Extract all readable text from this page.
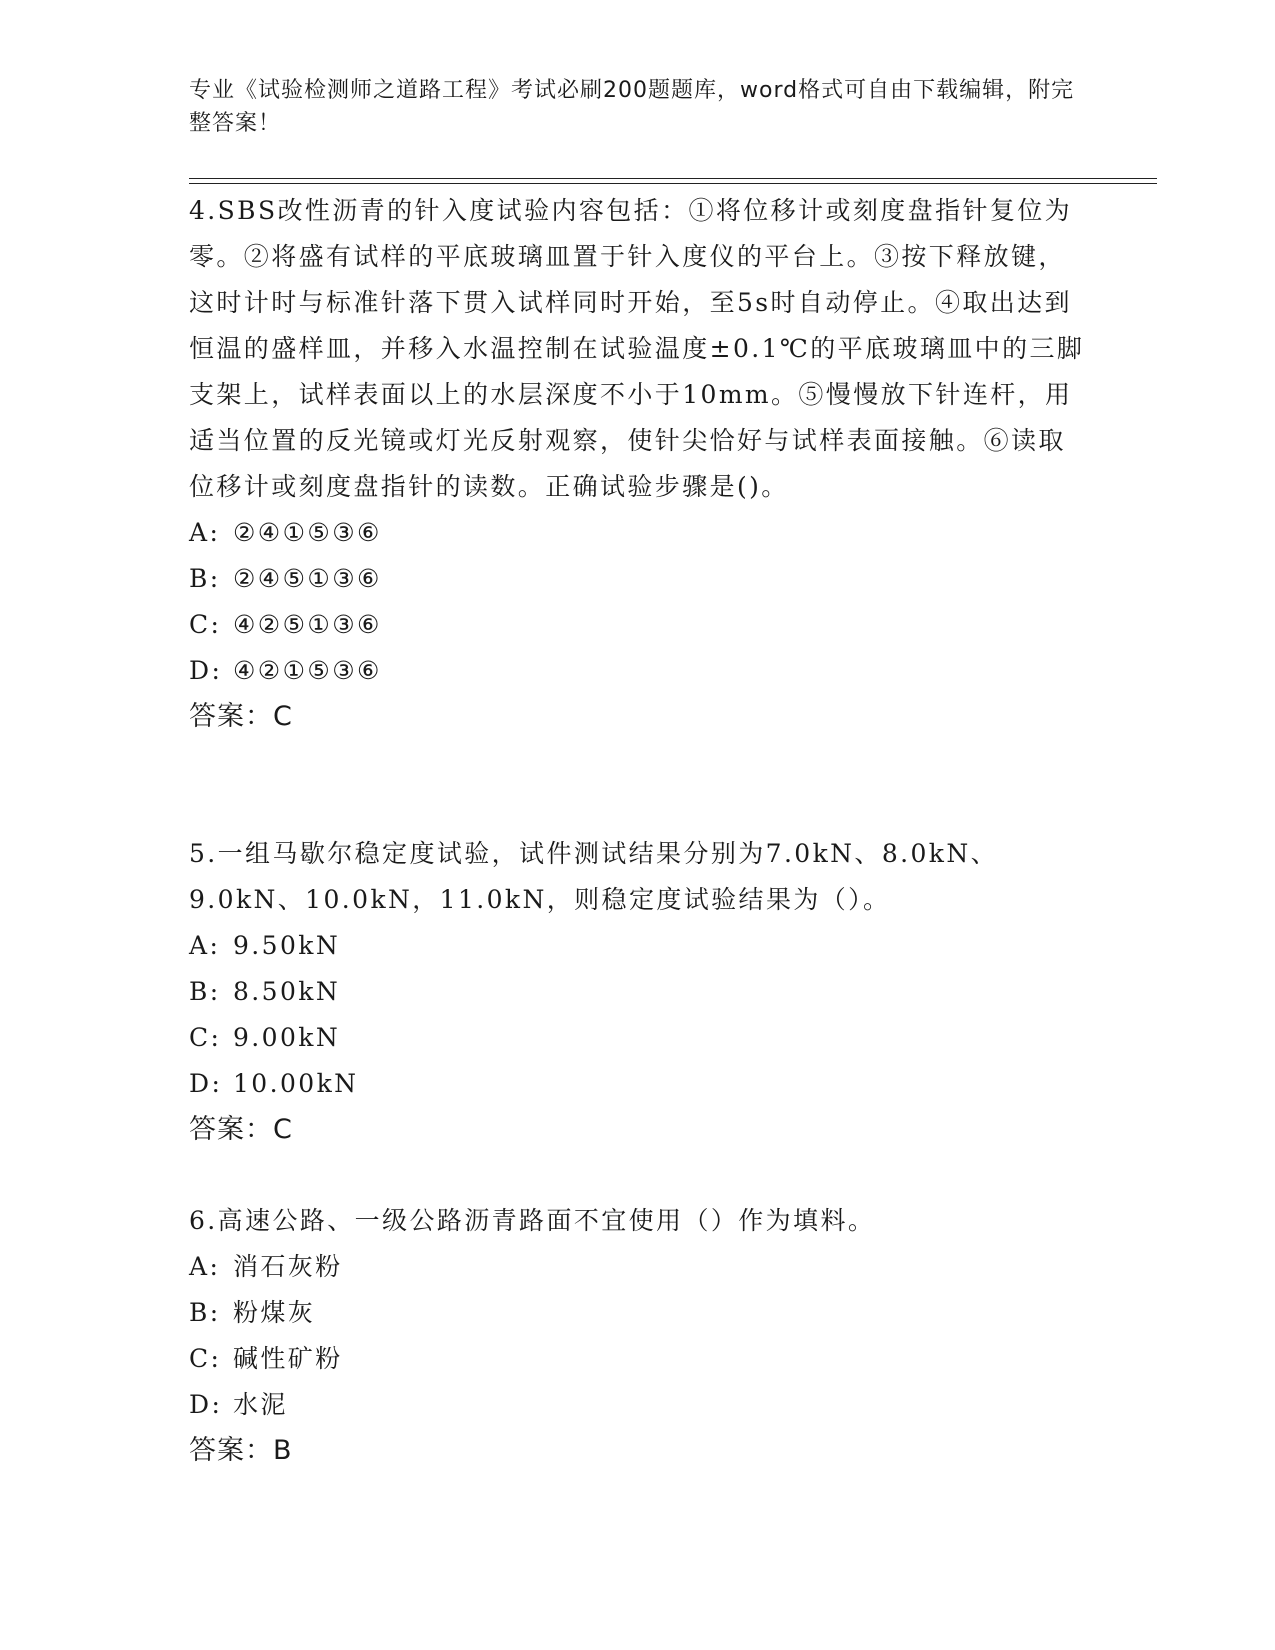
专业《试验检测师之道路工程》考试必刷200题题库，word格式可自由下载编辑，附完整答案！

4.SBS改性沥青的针入度试验内容包括：①将位移计或刻度盘指针复位为零。②将盛有试样的平底玻璃皿置于针入度仪的平台上。③按下释放键，这时计时与标准针落下贯入试样同时开始，至5s时自动停止。④取出达到恒温的盛样皿，并移入水温控制在试验温度±0.1℃的平底玻璃皿中的三脚支架上，试样表面以上的水层深度不小于10mm。⑤慢慢放下针连杆，用适当位置的反光镜或灯光反射观察，使针尖恰好与试样表面接触。⑥读取位移计或刻度盘指针的读数。正确试验步骤是()。

A: ②④①⑤③⑥

B: ②④⑤①③⑥

C: ④②⑤①③⑥

D: ④②①⑤③⑥

答案：C

5.一组马歇尔稳定度试验，试件测试结果分别为7.0kN、8.0kN、9.0kN、10.0kN，11.0kN，则稳定度试验结果为（）。

A: 9.50kN

B: 8.50kN

C: 9.00kN

D: 10.00kN

答案：C

6.高速公路、一级公路沥青路面不宜使用（）作为填料。

A: 消石灰粉

B: 粉煤灰

C: 碱性矿粉

D: 水泥

答案：B
